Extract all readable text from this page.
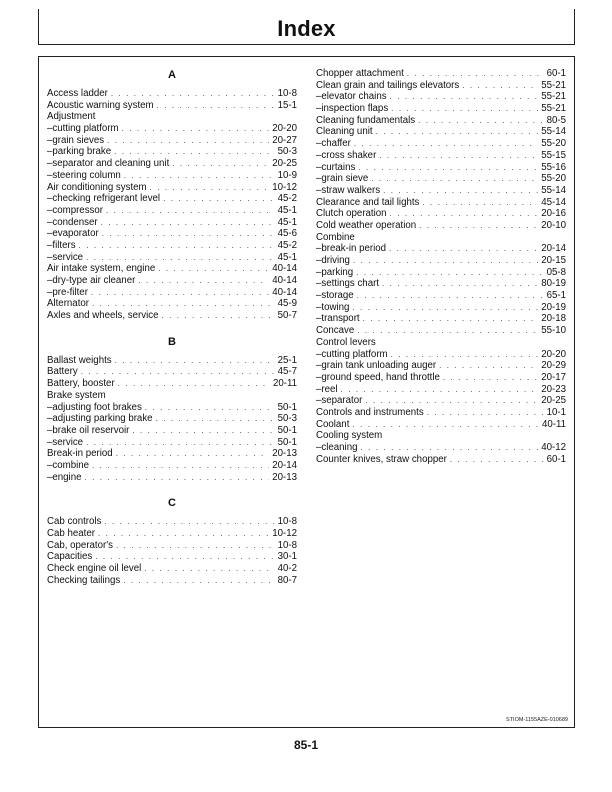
Index
A
Access ladder . . .	10-8
Acoustic warning system . . .	15-1
Adjustment
–cutting platform . . .	20-20
–grain sieves . . .	20-27
–parking brake . . .	50-3
–separator and cleaning unit . . .	20-25
–steering column . . .	10-9
Air conditioning system . . .	10-12
–checking refrigerant level . . .	45-2
–compressor . . .	45-1
–condenser . . .	45-1
–evaporator . . .	45-6
–filters . . .	45-2
–service . . .	45-1
Air intake system, engine . . .	40-14
–dry-type air cleaner . . .	40-14
–pre-filter . . .	40-14
Alternator . . .	45-9
Axles and wheels, service . . .	50-7
B
Ballast weights . . .	25-1
Battery . . .	45-7
Battery, booster . . .	20-11
Brake system
–adjusting foot brakes . . .	50-1
–adjusting parking brake . . .	50-3
–brake oil reservoir . . .	50-1
–service . . .	50-1
Break-in period . . .	20-13
–combine . . .	20-14
–engine . . .	20-13
C
Cab controls . . .	10-8
Cab heater . . .	10-12
Cab, operator's . . .	10-8
Capacities . . .	30-1
Check engine oil level . . .	40-2
Checking tailings . . .	80-7
Chopper attachment . . .	60-1
Clean grain and tailings elevators . . .	55-21
–elevator chains . . .	55-21
–inspection flaps . . .	55-21
Cleaning fundamentals . . .	80-5
Cleaning unit . . .	55-14
–chaffer . . .	55-20
–cross shaker . . .	55-15
–curtains . . .	55-16
–grain sieve . . .	55-20
–straw walkers . . .	55-14
Clearance and tail lights . . .	45-14
Clutch operation . . .	20-16
Cold weather operation . . .	20-10
Combine
–break-in period . . .	20-14
–driving . . .	20-15
–parking . . .	05-8
–settings chart . . .	80-19
–storage . . .	65-1
–towing . . .	20-19
–transport . . .	20-18
Concave . . .	55-10
Control levers
–cutting platform . . .	20-20
–grain tank unloading auger . . .	20-29
–ground speed, hand throttle . . .	20-17
–reel . . .	20-23
–separator . . .	20-25
Controls and instruments . . .	10-1
Coolant . . .	40-11
Cooling system
–cleaning . . .	40-12
Counter knives, straw chopper . . .	60-1
STIOM-1155AZE-010689
85-1
